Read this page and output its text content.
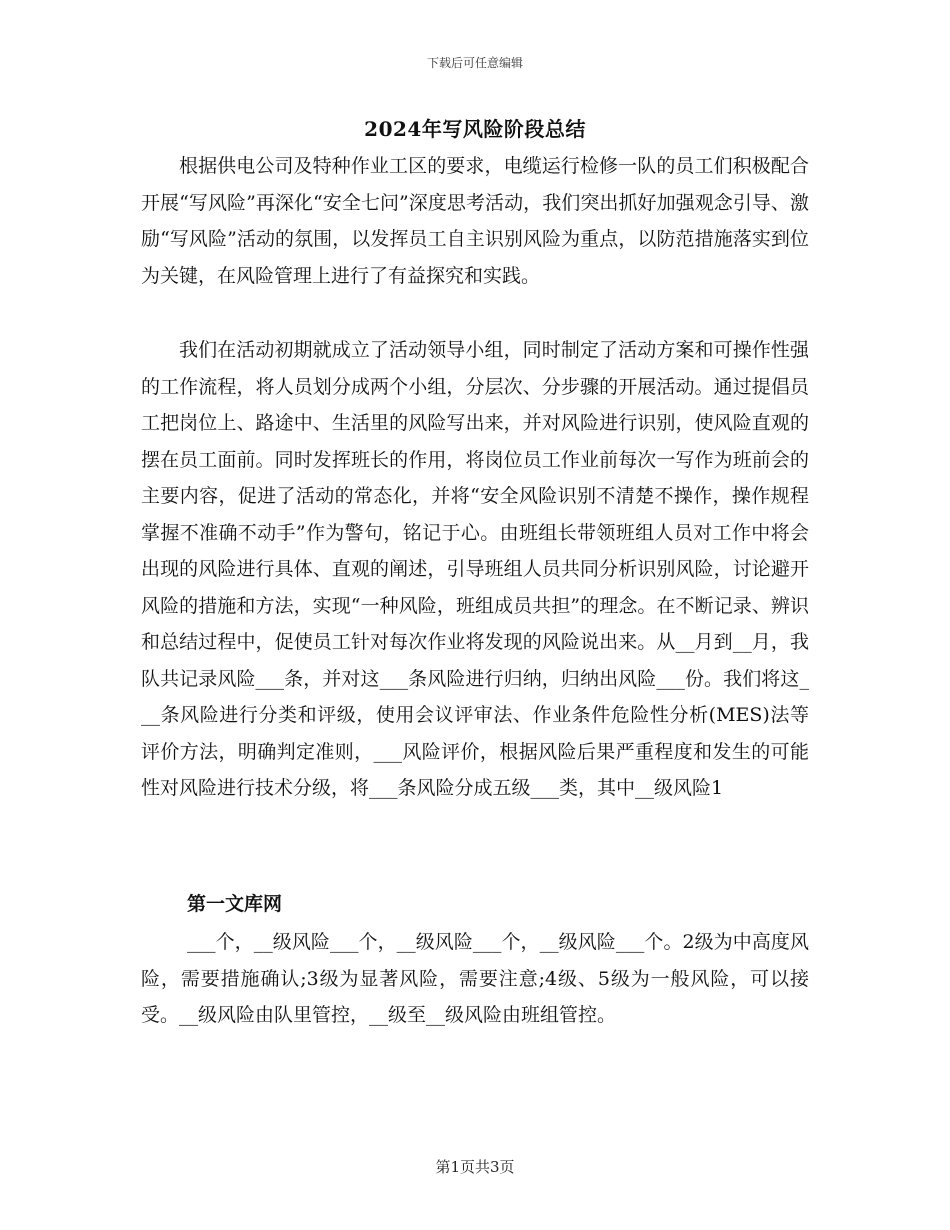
下载后可任意编辑
2024年写风险阶段总结

根据供电公司及特种作业工区的要求，电缆运行检修一队的员工们积极配合开展“写风险”再深化“安全七问”深度思考活动，我们突出抓好加强观念引导、激励“写风险”活动的氛围，以发挥员工自主识别风险为重点，以防范措施落实到位为关键，在风险管理上进行了有益探究和实践。

我们在活动初期就成立了活动领导小组，同时制定了活动方案和可操作性强的工作流程，将人员划分成两个小组，分层次、分步骤的开展活动。通过提倡员工把岗位上、路途中、生活里的风险写出来，并对风险进行识别，使风险直观的摆在员工面前。同时发挥班长的作用，将岗位员工作业前每次一写作为班前会的主要内容，促进了活动的常态化，并将“安全风险识别不清楚不操作，操作规程掌握不准确不动手”作为警句，铭记于心。由班组长带领班组人员对工作中将会出现的风险进行具体、直观的阐述，引导班组人员共同分析识别风险，讨论避开风险的措施和方法，实现“一种风险，班组成员共担”的理念。在不断记录、辨识和总结过程中，促使员工针对每次作业将发现的风险说出来。从__月到__月，我队共记录风险___条，并对这___条风险进行归纳，归纳出风险___份。我们将这___条风险进行分类和评级，使用会议评审法、作业条件危险性分析(MES)法等评价方法，明确判定准则，___风险评价，根据风险后果严重程度和发生的可能性对风险进行技术分级，将___条风险分成五级___类，其中__级风险1

第一文库网

___个，__级风险___个，__级风险___个，__级风险___个。2级为中高度风险，需要措施确认;3级为显著风险，需要注意;4级、5级为一般风险，可以接受。__级风险由队里管控，__级至__级风险由班组管控。

第1页共3页
